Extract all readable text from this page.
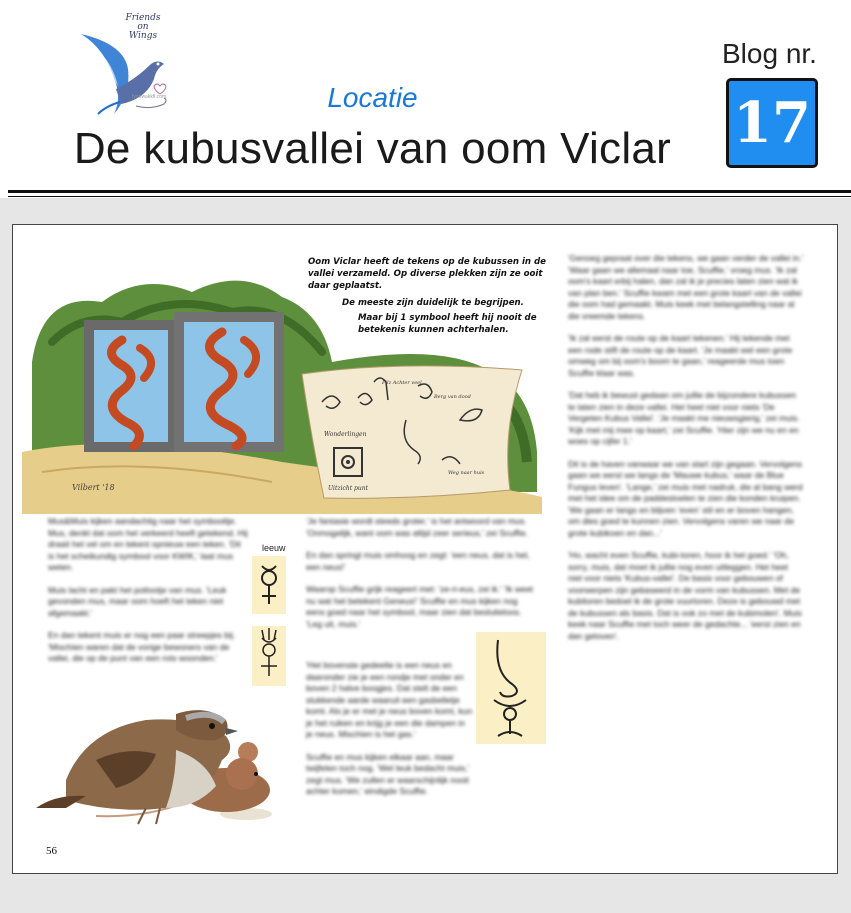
Friends
on
Wings
fyonwakkfl.com	Locatie
De kubusvallei van oom Viclar
Blog nr.
17
Wonderlingen
Uitzicht punt
Pilz Achter veel
Berg van dood
Weg naar huis
Vilbert '18
Oom Viclar heeft de tekens op de kubussen in de vallei verzameld. Op diverse plekken zijn ze ooit daar geplaatst.
De meeste zijn duidelijk te begrijpen.
Maar bij 1 symbool heeft hij nooit de betekenis kunnen achterhalen.

Mus&Muis kijken aandachtig naar het symbooltje. Mus, denkt dat oom het verkeerd heeft getekend. Hij draait het vel om en tekent opnieuw een teken. 'Dit is het scheikundig symbool voor KWIK,' laat mus weten.

Muis lacht en pakt het potlootje van mus. 'Leuk gevonden mus, maar oom hoeft het teken niet afgemaakt.'

En dan tekent muis er nog een paar streepjes bij. 'Mischien waren dat de vorige bewoners van de vallei, die op de punt van een rots woonden.'

leeuw

'Je fantasie wordt steeds groter,' is het antwoord van mus. 'Onmogelijk, want oom was altijd zeer serieus,' zei Scuffie.

En dan springt muis omhoog en zegt: 'een neus, dat is het, een neus!'

Waarop Scuffie grijk reageert met: 'ze-ri-eus, zei ik.' 'Ik weet nu wat het betekent Geneus!' Scuffie en mus kijken nog eens goed naar het symbool, maar zien dat besluiteloos. 'Leg uit, muis.'

'Het bovenste gedeelte is een neus en daaronder zie je een rondje met onder en boven 2 halve boogjes. Dat stelt de een stukkende aarde waaruit een gasbelletje komt. Als je er met je neus boven komt, kun je het ruiken en krijg je een die dampen in je neus. Mischien is het gas.'

Scuffie en mus kijken elkaar aan, maar twijfelen toch nog. 'Wel leuk bedacht muis,' zegt mus. 'We zullen er waarschijnlijk nooit achter komen,' eindigde Scuffie.

'Genoeg gepraat over die tekens, we gaan verder de vallei in.' 'Waar gaan we allemaal naar toe, Scuffie,' vroeg mus. 'Ik zal oom's kaart erbij halen, dan zal ik je precies laten zien wat ik van plan ben.' Scuffie kwam met een grote kaart van de vallei die oom had gemaakt. Muis keek met belangstelling naar al die vreemde tekens.

'Ik zal eerst de route op de kaart tekenen.' Hij tekende met een rode stift de route op de kaart. 'Je maakt wel een grote omweg om bij oom's boom te gaan,' reageerde mus toen Scuffie klaar was.

'Dat heb ik bewust gedaan om jullie de bijzondere kubussen te laten zien in deze vallei. Het heet niet voor niets 'De Vergeten Kubus Vallei'. 'Je maakt me nieuwsgierig,' zei muis. 'Kijk met mij mee op kaart,' zei Scuffie. 'Hier zijn we nu en en woes op cijfer 1.'

Dit is de haven vanwaar we van start zijn gegaan. Vervolgens gaan we eerst we langs de 'Mauwe kubus,' waar de Blue Fungus leven'. 'Lange,' zei muis met nadruk, die al bang werd met het idee om de paddestoelen te zien die konden kruipen. 'We gaan er langs en blijven 'even' stil en er boven hangen, om dies goed te kunnen zien. Vervolgens varen we naar de grote kubikoen en dan...'

'Ho, wacht even Scuffie, kubi-toren, hoor ik het goed.' 'Oh, sorry, muis, dat moet ik jullie nog even uitleggen. Het heet niet voor niets 'Kubus-vallei'. De basis voor gebouwen of voorwerpen zijn gebaseerd in de vorm van kubussen. Met de kubitoren bedoel ik de grote vuurtoren. Deze is gebouwd met de kubussen als basis. Dat is ook zo met de kubimolen'. Muis keek naar Scuffie met toch weer de gedachte... 'eerst zien en dan geloven'.

56
